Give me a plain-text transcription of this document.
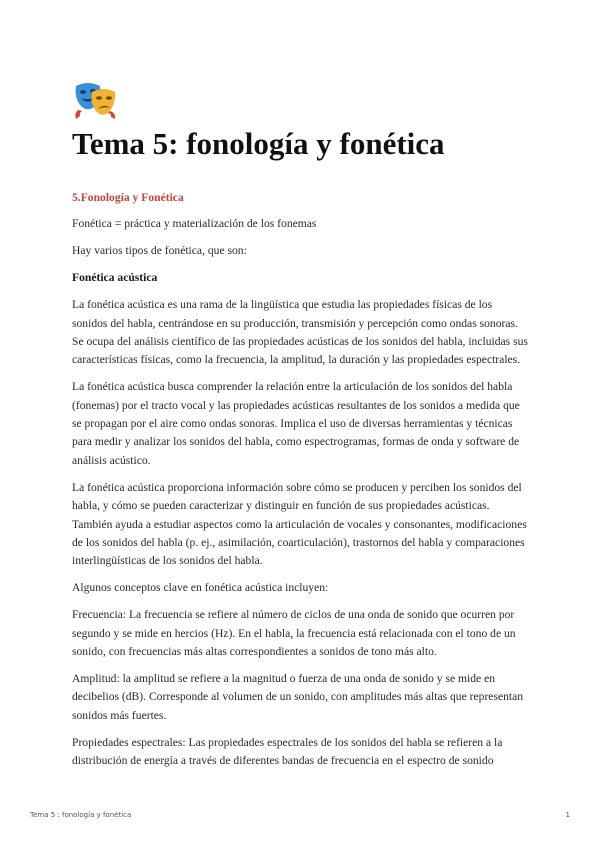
Tema 5: fonología y fonética

5.Fonología y Fonética

Fonética = práctica y materialización de los fonemas

Hay varios tipos de fonética, que son:

Fonética acústica

La fonética acústica es una rama de la lingüística que estudia las propiedades físicas de los sonidos del habla, centrándose en su producción, transmisión y percepción como ondas sonoras. Se ocupa del análisis científico de las propiedades acústicas de los sonidos del habla, incluidas sus características físicas, como la frecuencia, la amplitud, la duración y las propiedades espectrales.

La fonética acústica busca comprender la relación entre la articulación de los sonidos del habla (fonemas) por el tracto vocal y las propiedades acústicas resultantes de los sonidos a medida que se propagan por el aire como ondas sonoras. Implica el uso de diversas herramientas y técnicas para medir y analizar los sonidos del habla, como espectrogramas, formas de onda y software de análisis acústico.

La fonética acústica proporciona información sobre cómo se producen y perciben los sonidos del habla, y cómo se pueden caracterizar y distinguir en función de sus propiedades acústicas. También ayuda a estudiar aspectos como la articulación de vocales y consonantes, modificaciones de los sonidos del habla (p. ej., asimilación, coarticulación), trastornos del habla y comparaciones interlingüísticas de los sonidos del habla.

Algunos conceptos clave en fonética acústica incluyen:

Frecuencia: La frecuencia se refiere al número de ciclos de una onda de sonido que ocurren por segundo y se mide en hercios (Hz). En el habla, la frecuencia está relacionada con el tono de un sonido, con frecuencias más altas correspondientes a sonidos de tono más alto.

Amplitud: la amplitud se refiere a la magnitud o fuerza de una onda de sonido y se mide en decibelios (dB). Corresponde al volumen de un sonido, con amplitudes más altas que representan sonidos más fuertes.

Propiedades espectrales: Las propiedades espectrales de los sonidos del habla se refieren a la distribución de energía a través de diferentes bandas de frecuencia en el espectro de sonido

Tema 5 : fonología y fonética	1
